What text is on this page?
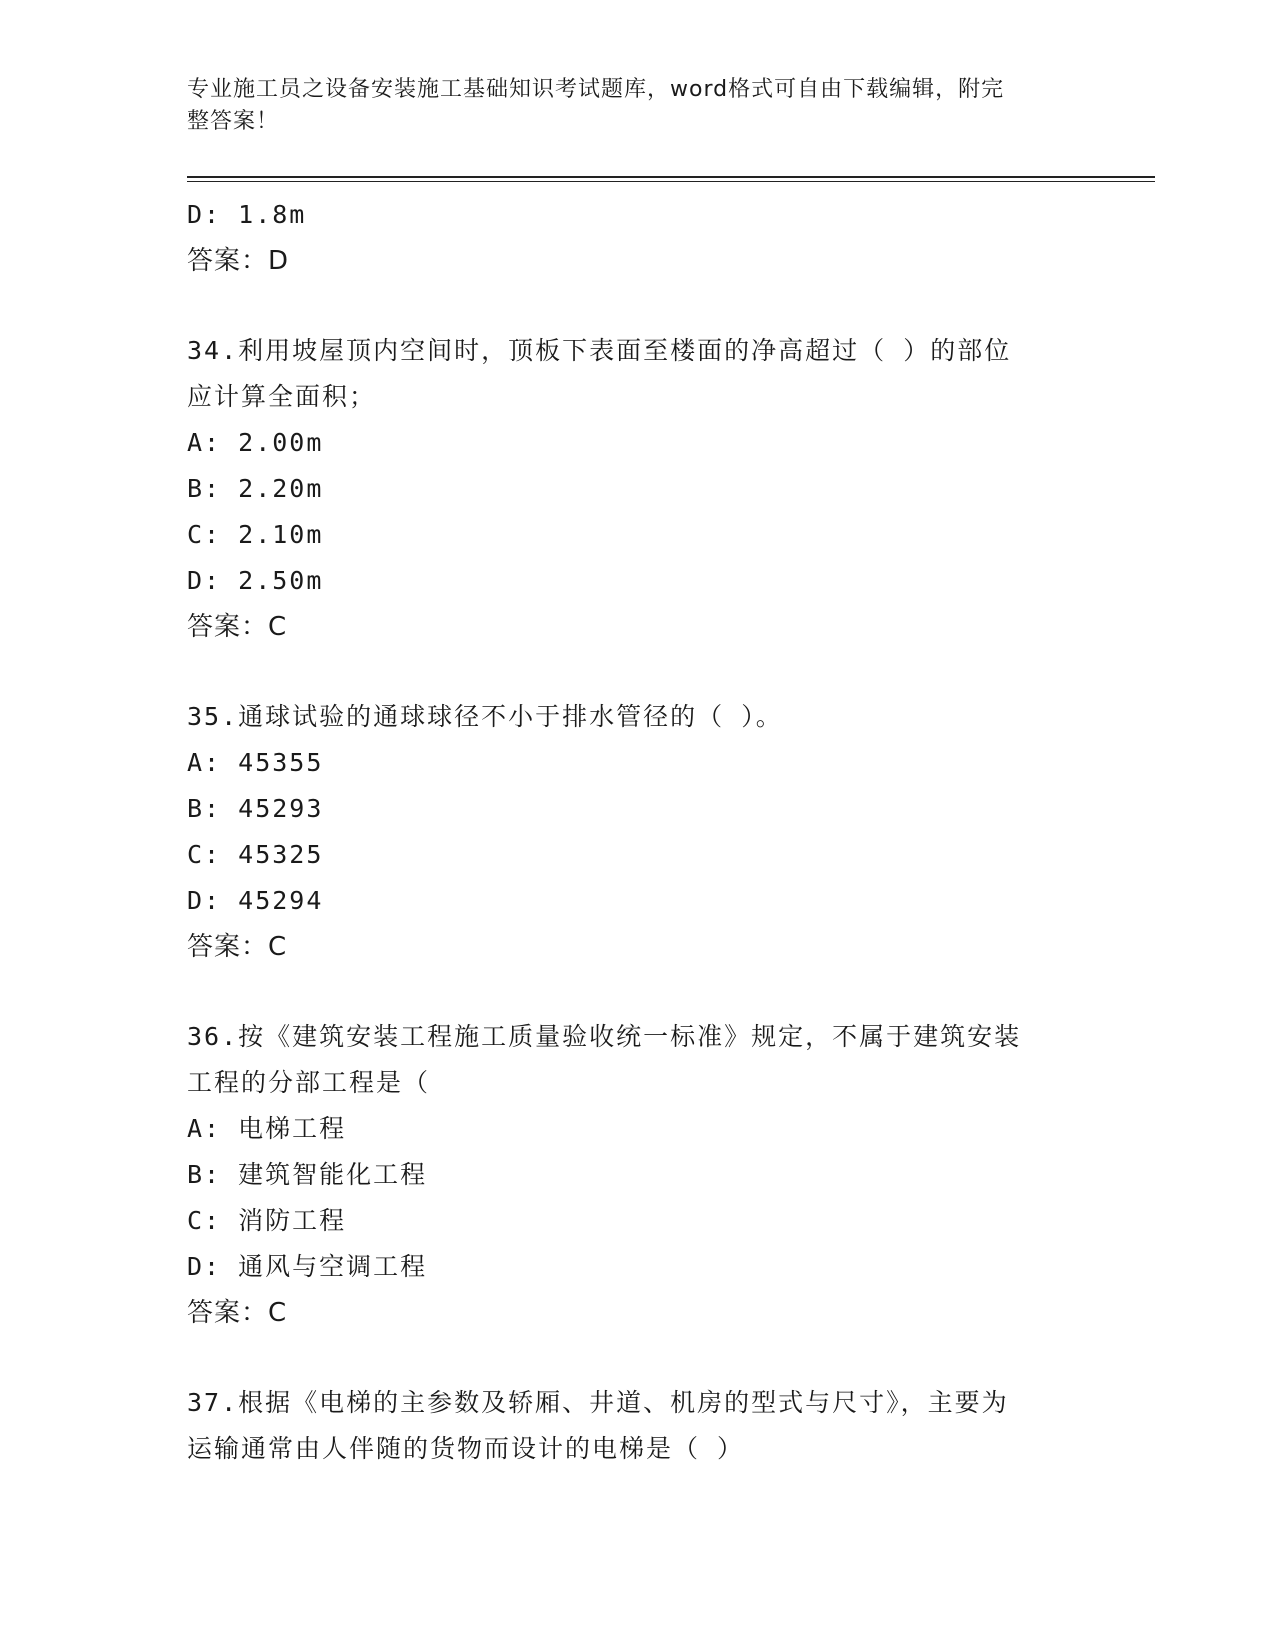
专业施工员之设备安装施工基础知识考试题库，word格式可自由下载编辑，附完
整答案！
D: 1.8m
答案：D
34.利用坡屋顶内空间时，顶板下表面至楼面的净高超过（ ）的部位
应计算全面积；
A: 2.00m
B: 2.20m
C: 2.10m
D: 2.50m
答案：C
35.通球试验的通球球径不小于排水管径的（ ）。
A: 45355
B: 45293
C: 45325
D: 45294
答案：C
36.按《建筑安装工程施工质量验收统一标准》规定，不属于建筑安装
工程的分部工程是（
A: 电梯工程
B: 建筑智能化工程
C: 消防工程
D: 通风与空调工程
答案：C
37.根据《电梯的主参数及轿厢、井道、机房的型式与尺寸》，主要为
运输通常由人伴随的货物而设计的电梯是（ ）
